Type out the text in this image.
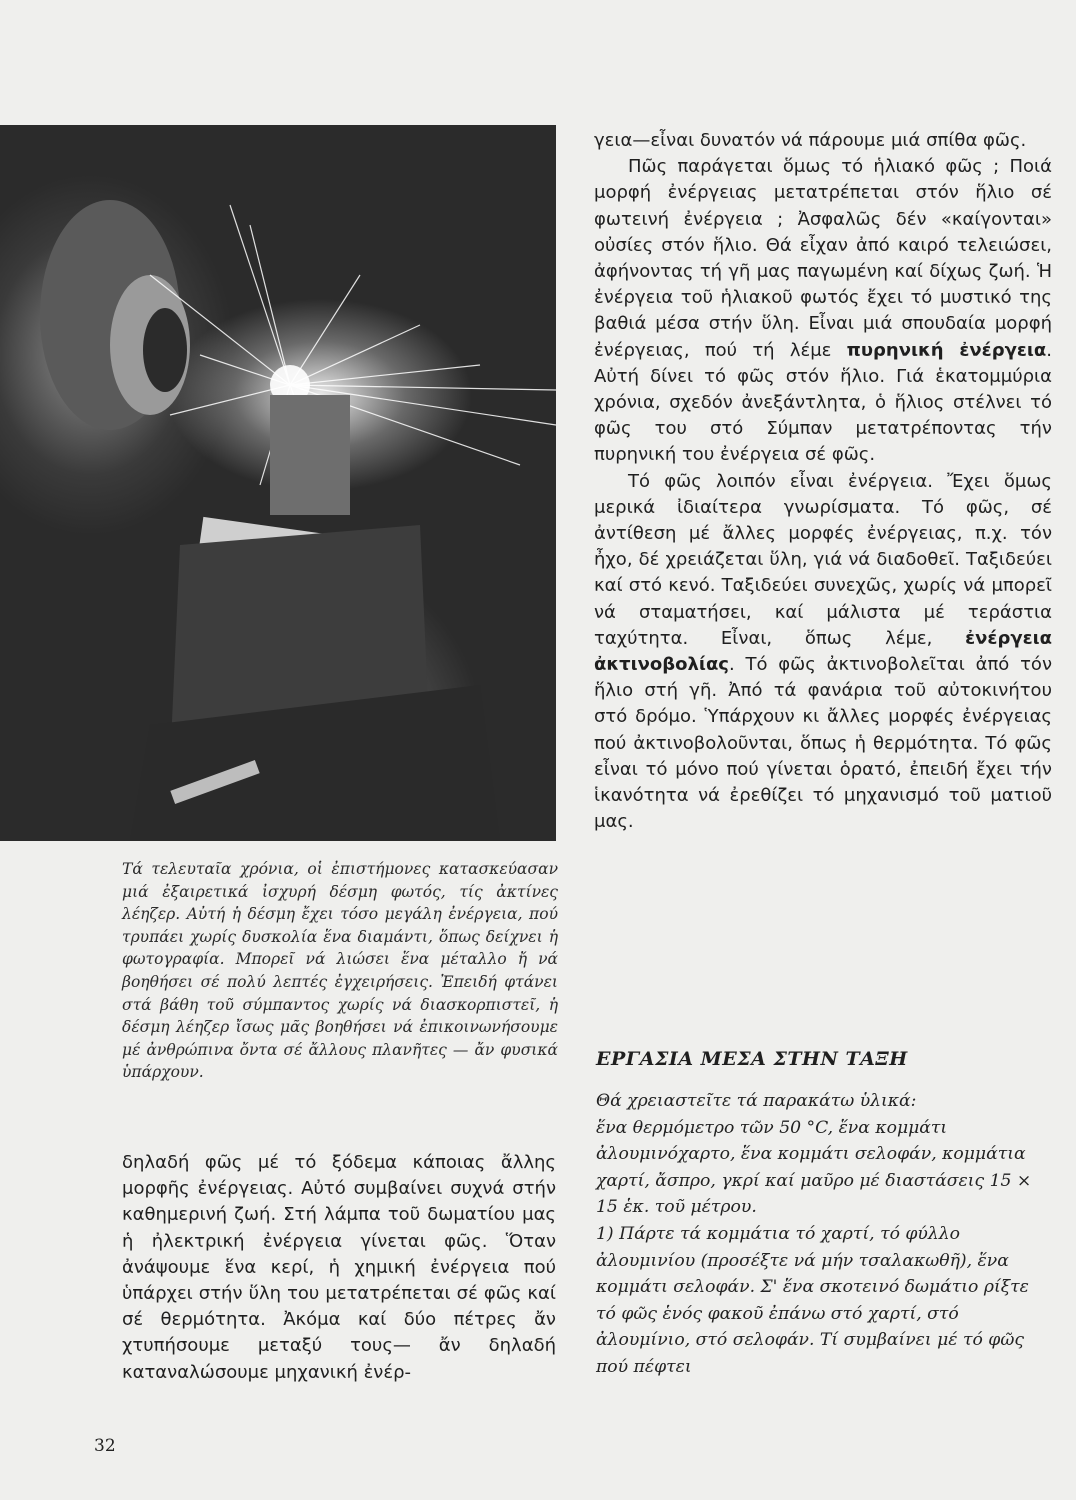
Τά τελευταῖα χρόνια, οἱ ἐπιστήμονες κατασκεύασαν μιά ἐξαιρετικά ἰσχυρή δέσμη φωτός, τίς ἀκτίνες λέηζερ. Αὐτή ἡ δέσμη ἔχει τόσο μεγάλη ἐνέργεια, πού τρυπάει χωρίς δυσκολία ἕνα διαμάντι, ὅπως δείχνει ἡ φωτογραφία. Μπορεῖ νά λιώσει ἕνα μέταλλο ἤ νά βοηθήσει σέ πολύ λεπτές ἐγχειρήσεις. Ἐπειδή φτάνει στά βάθη τοῦ σύμπαντος χωρίς νά διασκορπιστεῖ, ἡ δέσμη λέηζερ ἴσως μᾶς βοηθήσει νά ἐπικοινωνήσουμε μέ ἀνθρώπινα ὄντα σέ ἄλλους πλανῆτες — ἄν φυσικά ὑπάρχουν.

δηλαδή φῶς μέ τό ξόδεμα κάποιας ἄλλης μορφῆς ἐνέργειας. Αὐτό συμβαίνει συχνά στήν καθημερινή ζωή. Στή λάμπα τοῦ δωματίου μας ἡ ἠλεκτρική ἐνέργεια γίνεται φῶς. Ὅταν ἀνάψουμε ἕνα κερί, ἡ χημική ἐνέργεια πού ὑπάρχει στήν ὕλη του μετατρέπεται σέ φῶς καί σέ θερμότητα. Ἀκόμα καί δύο πέτρες ἄν χτυπήσουμε μεταξύ τους— ἄν δηλαδή καταναλώσουμε μηχανική ἐνέρ-

γεια—εἶναι δυνατόν νά πάρουμε μιά σπίθα φῶς.

Πῶς παράγεται ὅμως τό ἡλιακό φῶς ; Ποιά μορφή ἐνέργειας μετατρέπεται στόν ἥλιο σέ φωτεινή ἐνέργεια ; Ἀσφαλῶς δέν «καίγονται» οὐσίες στόν ἥλιο. Θά εἶχαν ἀπό καιρό τελειώσει, ἀφήνοντας τή γῆ μας παγωμένη καί δίχως ζωή. Ἡ ἐνέργεια τοῦ ἡλιακοῦ φωτός ἔχει τό μυστικό της βαθιά μέσα στήν ὕλη. Εἶναι μιά σπουδαία μορφή ἐνέργειας, πού τή λέμε πυρηνική ἐνέργεια. Αὐτή δίνει τό φῶς στόν ἥλιο. Γιά ἑκατομμύρια χρόνια, σχεδόν ἀνεξάντλητα, ὁ ἥλιος στέλνει τό φῶς του στό Σύμπαν μετατρέποντας τήν πυρηνική του ἐνέργεια σέ φῶς.

Τό φῶς λοιπόν εἶναι ἐνέργεια. Ἔχει ὅμως μερικά ἰδιαίτερα γνωρίσματα. Τό φῶς, σέ ἀντίθεση μέ ἄλλες μορφές ἐνέργειας, π.χ. τόν ἦχο, δέ χρειάζεται ὕλη, γιά νά διαδοθεῖ. Ταξιδεύει καί στό κενό. Ταξιδεύει συνεχῶς, χωρίς νά μπορεῖ νά σταματήσει, καί μάλιστα μέ τεράστια ταχύτητα. Εἶναι, ὅπως λέμε, ἐνέργεια ἀκτινοβολίας. Τό φῶς ἀκτινοβολεῖται ἀπό τόν ἥλιο στή γῆ. Ἀπό τά φανάρια τοῦ αὐτοκινήτου στό δρόμο. Ὑπάρχουν κι ἄλλες μορφές ἐνέργειας πού ἀκτινοβολοῦνται, ὅπως ἡ θερμότητα. Τό φῶς εἶναι τό μόνο πού γίνεται ὁρατό, ἐπειδή ἔχει τήν ἱκανότητα νά ἐρεθίζει τό μηχανισμό τοῦ ματιοῦ μας.

ΕΡΓΑΣΙΑ ΜΕΣΑ ΣΤΗΝ ΤΑΞΗ

Θά χρειαστεῖτε τά παρακάτω ὑλικά:

ἕνα θερμόμετρο τῶν 50 °C, ἕνα κομμάτι ἀλουμινόχαρτο, ἕνα κομμάτι σελοφάν, κομμάτια χαρτί, ἄσπρο, γκρί καί μαῦρο μέ διαστάσεις 15 × 15 ἑκ. τοῦ μέτρου.

1) Πάρτε τά κομμάτια τό χαρτί, τό φύλλο ἀλουμινίου (προσέξτε νά μήν τσαλακωθῆ), ἕνα κομμάτι σελοφάν. Σ' ἕνα σκοτεινό δωμάτιο ρίξτε τό φῶς ἑνός φακοῦ ἐπάνω στό χαρτί, στό ἀλουμίνιο, στό σελοφάν. Τί συμβαίνει μέ τό φῶς πού πέφτει

32
